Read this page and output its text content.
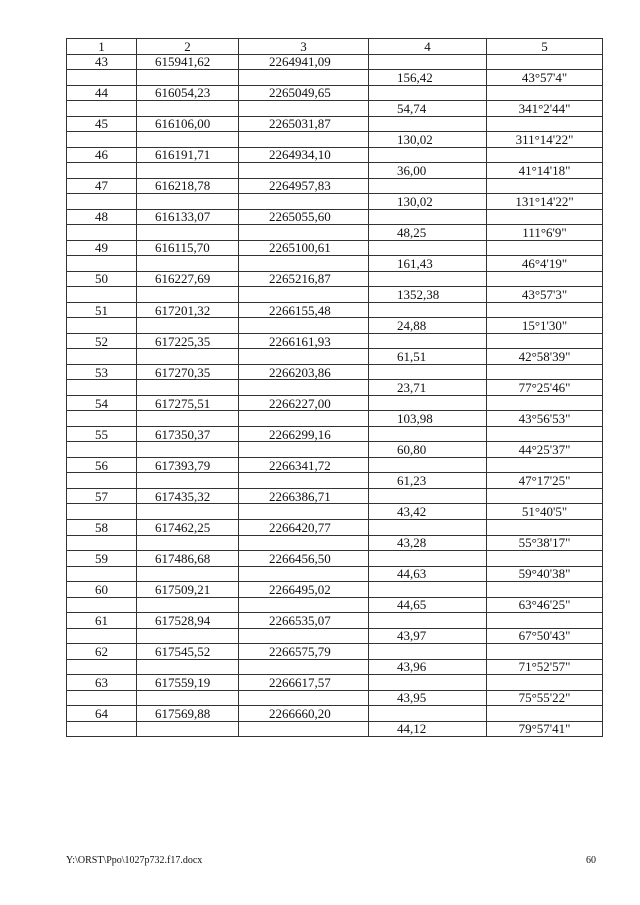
1	2	3	4	5
43	615941,62	2264941,09		
			156,42	43°57'4"
44	616054,23	2265049,65		
			54,74	341°2'44"
45	616106,00	2265031,87		
			130,02	311°14'22"
46	616191,71	2264934,10		
			36,00	41°14'18"
47	616218,78	2264957,83		
			130,02	131°14'22"
48	616133,07	2265055,60		
			48,25	111°6'9"
49	616115,70	2265100,61		
			161,43	46°4'19"
50	616227,69	2265216,87		
			1352,38	43°57'3"
51	617201,32	2266155,48		
			24,88	15°1'30"
52	617225,35	2266161,93		
			61,51	42°58'39"
53	617270,35	2266203,86		
			23,71	77°25'46"
54	617275,51	2266227,00		
			103,98	43°56'53"
55	617350,37	2266299,16		
			60,80	44°25'37"
56	617393,79	2266341,72		
			61,23	47°17'25"
57	617435,32	2266386,71		
			43,42	51°40'5"
58	617462,25	2266420,77		
			43,28	55°38'17"
59	617486,68	2266456,50		
			44,63	59°40'38"
60	617509,21	2266495,02		
			44,65	63°46'25"
61	617528,94	2266535,07		
			43,97	67°50'43"
62	617545,52	2266575,79		
			43,96	71°52'57"
63	617559,19	2266617,57		
			43,95	75°55'22"
64	617569,88	2266660,20		
			44,12	79°57'41"
Y:\ORST\Ppo\1027p732.f17.docx	60
